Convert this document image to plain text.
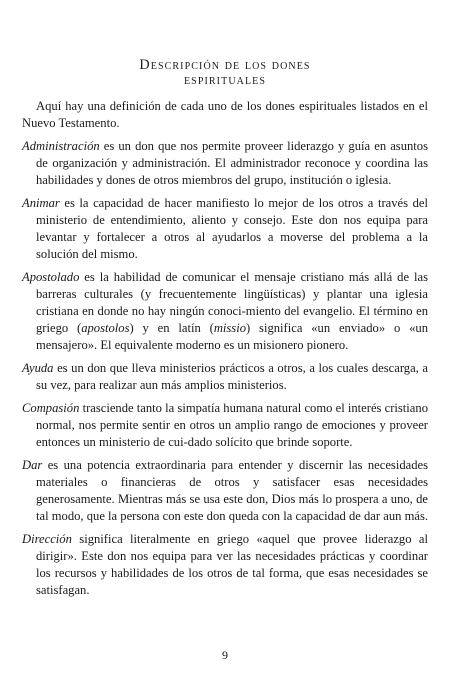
Descripción de los dones
espirituales

Aquí hay una definición de cada uno de los dones espirituales listados en el Nuevo Testamento.

Administración es un don que nos permite proveer liderazgo y guía en asuntos de organización y administración. El administrador reconoce y coordina las habilidades y dones de otros miembros del grupo, institución o iglesia.

Animar es la capacidad de hacer manifiesto lo mejor de los otros a través del ministerio de entendimiento, aliento y consejo. Este don nos equipa para levantar y fortalecer a otros al ayudarlos a moverse del problema a la solución del mismo.

Apostolado es la habilidad de comunicar el mensaje cristiano más allá de las barreras culturales (y frecuentemente lingüísticas) y plantar una iglesia cristiana en donde no hay ningún conoci-miento del evangelio. El término en griego (apostolos) y en latín (missio) significa «un enviado» o «un mensajero». El equivalente moderno es un misionero pionero.

Ayuda es un don que lleva ministerios prácticos a otros, a los cuales descarga, a su vez, para realizar aun más amplios ministerios.

Compasión trasciende tanto la simpatía humana natural como el interés cristiano normal, nos permite sentir en otros un amplio rango de emociones y proveer entonces un ministerio de cui-dado solícito que brinde soporte.

Dar es una potencia extraordinaria para entender y discernir las necesidades materiales o financieras de otros y satisfacer esas necesidades generosamente. Mientras más se usa este don, Dios más lo prospera a uno, de tal modo, que la persona con este don queda con la capacidad de dar aun más.

Dirección significa literalmente en griego «aquel que provee liderazgo al dirigir». Este don nos equipa para ver las necesidades prácticas y coordinar los recursos y habilidades de los otros de tal forma, que esas necesidades se satisfagan.

9
